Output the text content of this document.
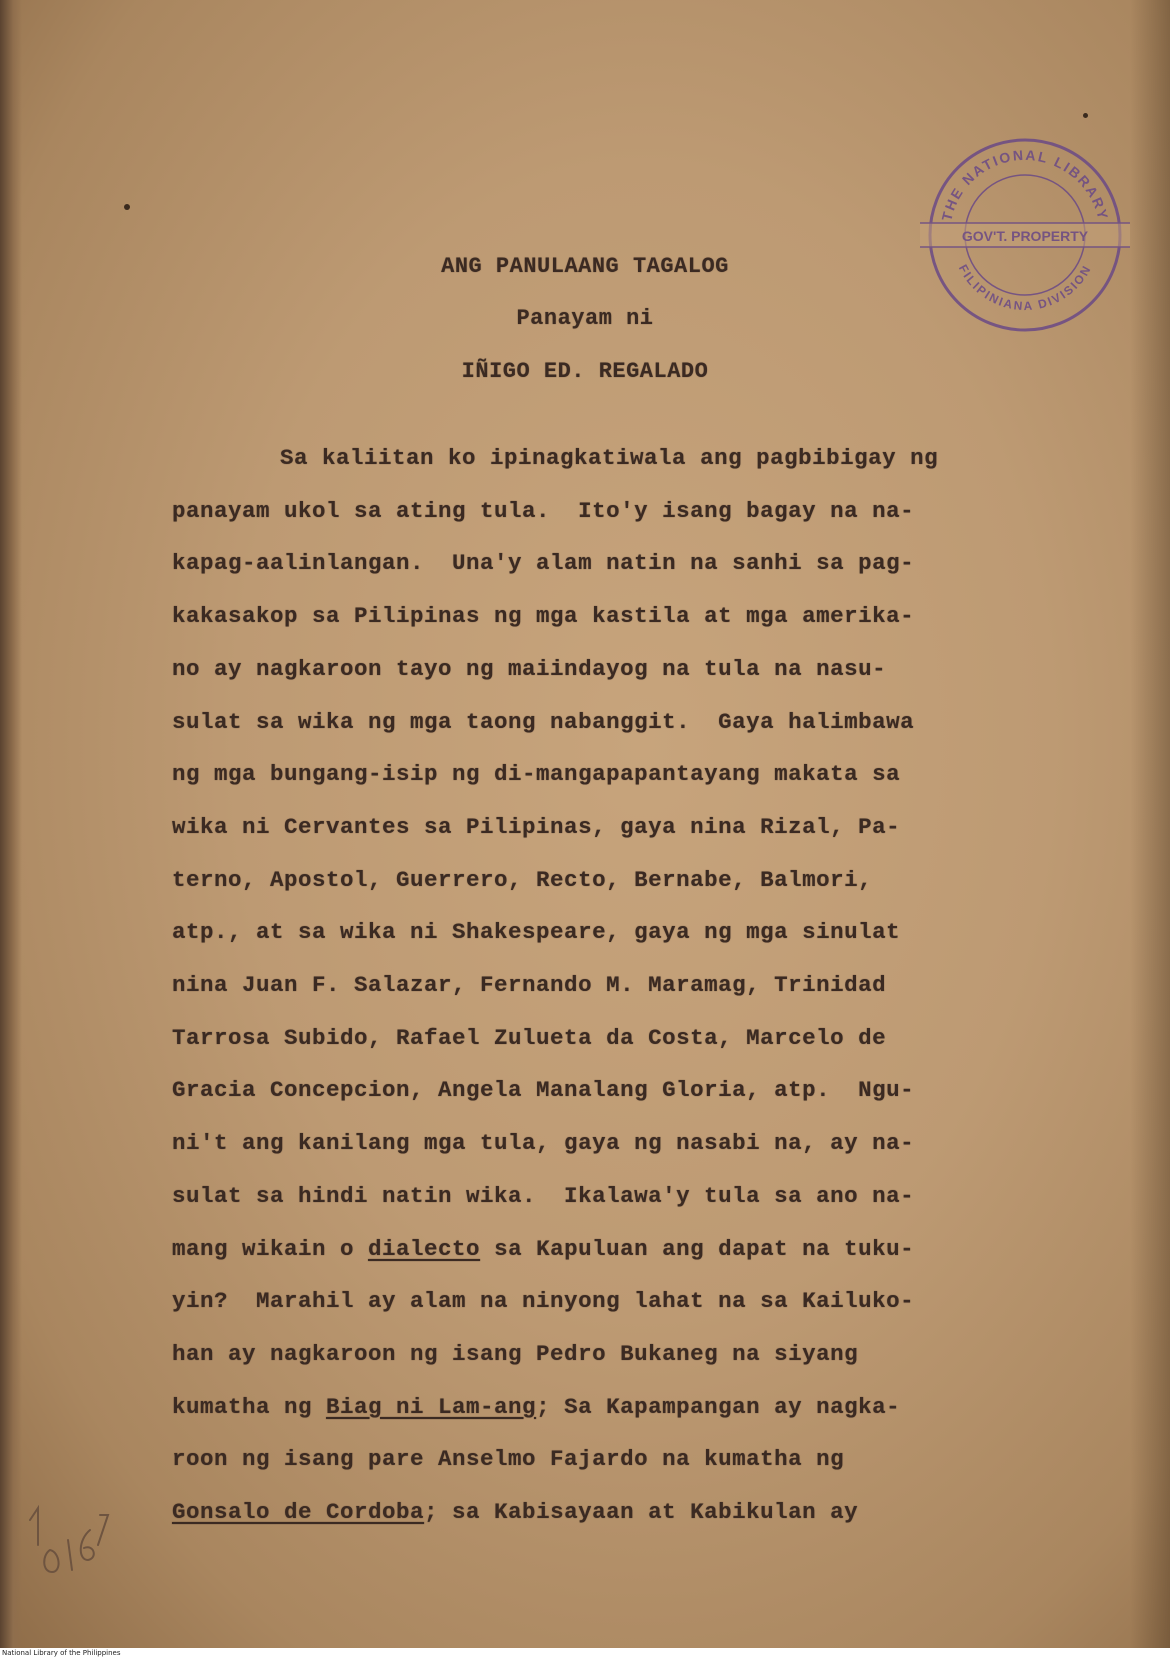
ANG PANULAANG TAGALOG
Panayam ni
IÑIGO ED. REGALADO
Sa kaliitan ko ipinagkatiwala ang pagbibigay ng
panayam ukol sa ating tula.  Ito'y isang bagay na na-
kapag-aalinlangan.  Una'y alam natin na sanhi sa pag-
kakasakop sa Pilipinas ng mga kastila at mga amerika-
no ay nagkaroon tayo ng maiindayog na tula na nasu-
sulat sa wika ng mga taong nabanggit.  Gaya halimbawa
ng mga bungang-isip ng di-mangapapantayang makata sa
wika ni Cervantes sa Pilipinas, gaya nina Rizal, Pa-
terno, Apostol, Guerrero, Recto, Bernabe, Balmori,
atp., at sa wika ni Shakespeare, gaya ng mga sinulat
nina Juan F. Salazar, Fernando M. Maramag, Trinidad
Tarrosa Subido, Rafael Zulueta da Costa, Marcelo de
Gracia Concepcion, Angela Manalang Gloria, atp.  Ngu-
ni't ang kanilang mga tula, gaya ng nasabi na, ay na-
sulat sa hindi natin wika.  Ikalawa'y tula sa ano na-
mang wikain o dialecto sa Kapuluan ang dapat na tuku-
yin?  Marahil ay alam na ninyong lahat na sa Kailuko-
han ay nagkaroon ng isang Pedro Bukaneg na siyang
kumatha ng Biag ni Lam-ang; Sa Kapampangan ay nagka-
roon ng isang pare Anselmo Fajardo na kumatha ng
Gonsalo de Cordoba; sa Kabisayaan at Kabikulan ay
THE NATIONAL LIBRARY
GOV'T. PROPERTY
FILIPINIANA DIVISION
National Library of the Philippines
